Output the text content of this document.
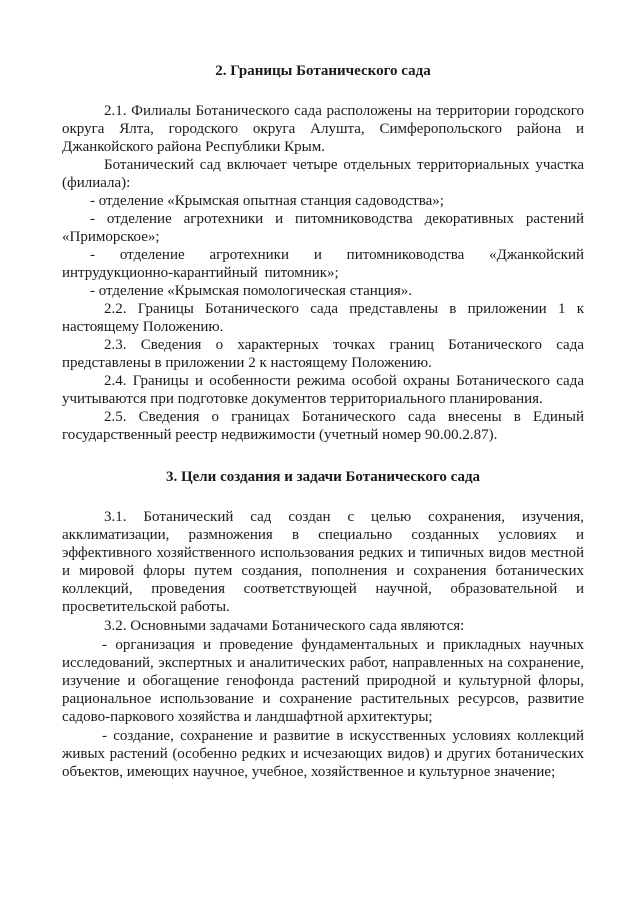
2. Границы Ботанического сада

2.1. Филиалы Ботанического сада расположены на территории городского округа Ялта, городского округа Алушта, Симферопольского района и Джанкойского района Республики Крым.

Ботанический сад включает четыре отдельных территориальных участка (филиала):

- отделение «Крымская опытная станция садоводства»;

- отделение агротехники и питомниководства декоративных растений «Приморское»;

- отделение агротехники и питомниководства «Джанкойский интрудукционно-карантийный питомник»;

- отделение «Крымская помологическая станция».

2.2. Границы Ботанического сада представлены в приложении 1 к настоящему Положению.

2.3. Сведения о характерных точках границ Ботанического сада представлены в приложении 2 к настоящему Положению.

2.4. Границы и особенности режима особой охраны Ботанического сада учитываются при подготовке документов территориального планирования.

2.5. Сведения о границах Ботанического сада внесены в Единый государственный реестр недвижимости (учетный номер 90.00.2.87).

3. Цели создания и задачи Ботанического сада

3.1. Ботанический сад создан с целью сохранения, изучения, акклиматизации, размножения в специально созданных условиях и эффективного хозяйственного использования редких и типичных видов местной и мировой флоры путем создания, пополнения и сохранения ботанических коллекций, проведения соответствующей научной, образовательной и просветительской работы.

3.2. Основными задачами Ботанического сада являются:

- организация и проведение фундаментальных и прикладных научных исследований, экспертных и аналитических работ, направленных на сохранение, изучение и обогащение генофонда растений природной и культурной флоры, рациональное использование и сохранение растительных ресурсов, развитие садово-паркового хозяйства и ландшафтной архитектуры;

- создание, сохранение и развитие в искусственных условиях коллекций живых растений (особенно редких и исчезающих видов) и других ботанических объектов, имеющих научное, учебное, хозяйственное и культурное значение;
